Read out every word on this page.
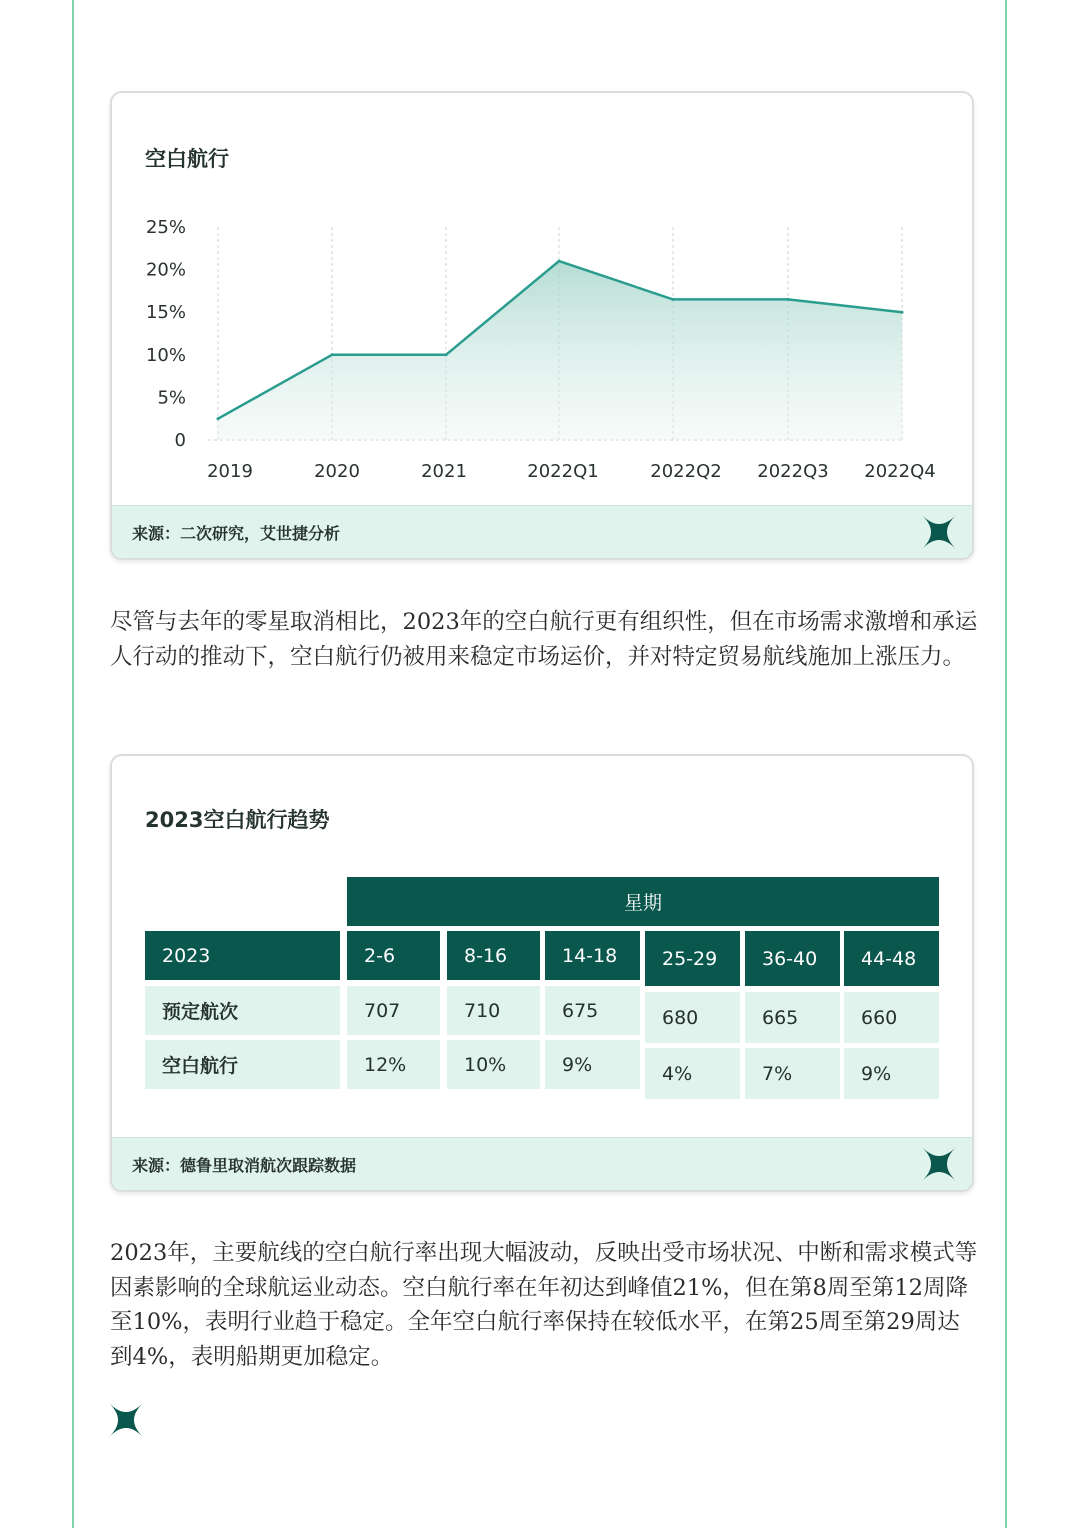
空白航行
0
5%
10%
15%
20%
25%
2019	2020	2021	2022Q1	2022Q2 2022Q3 2022Q4
来源：二次研究，艾世捷分析

尽管与去年的零星取消相比，2023年的空白航行更有组织性，但在市场需求激增和承运人行动的推动下，空白航行仍被用来稳定市场运价，并对特定贸易航线施加上涨压力。

2023空白航行趋势
星期
2023	2-6	8-16	14-18	25-29	36-40	44-48
预定航次	707	710	675	680	665	660
空白航行	12%	10%	9%	4%	7%	9%
来源：德鲁里取消航次跟踪数据

2023年，主要航线的空白航行率出现大幅波动，反映出受市场状况、中断和需求模式等因素影响的全球航运业动态。空白航行率在年初达到峰值21%，但在第8周至第12周降至10%，表明行业趋于稳定。全年空白航行率保持在较低水平，在第25周至第29周达到4%，表明船期更加稳定。
